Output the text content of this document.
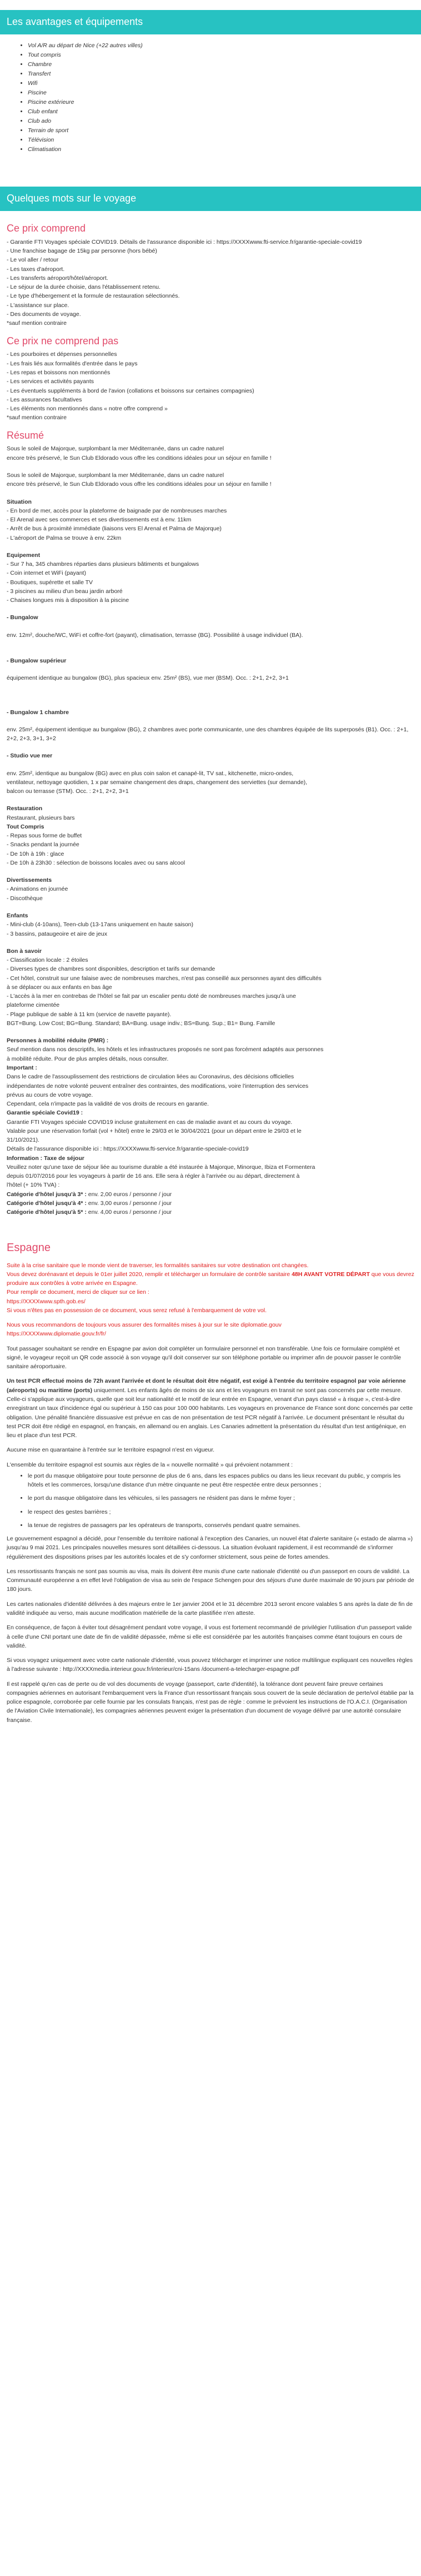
Les avantages et équipements
• Vol A/R au départ de Nice (+22 autres villes)
• Tout compris
• Chambre
• Transfert
• Wifi
• Piscine
• Piscine extérieure
• Club enfant
• Club ado
• Terrain de sport
• Télévision
• Climatisation
Quelques mots sur le voyage
Ce prix comprend
- Garantie FTI Voyages spéciale COVID19. Détails de l'assurance disponible ici : https://XXXXwww.fti-service.fr/garantie-speciale-covid19
- Une franchise bagage de 15kg par personne (hors bébé)
- Le vol aller / retour
- Les taxes d'aéroport.
- Les transferts aéroport/hôtel/aéroport.
- Le séjour de la durée choisie, dans l'établissement retenu.
- Le type d'hébergement et la formule de restauration sélectionnés.
- L'assistance sur place.
- Des documents de voyage.
*sauf mention contraire
Ce prix ne comprend pas
- Les pourboires et dépenses personnelles
- Les frais liés aux formalités d'entrée dans le pays
- Les repas et boissons non mentionnés
- Les services et activités payants
- Les éventuels suppléments à bord de l'avion (collations et boissons sur certaines compagnies)
- Les assurances facultatives
- Les éléments non mentionnés dans « notre offre comprend »
*sauf mention contraire
Résumé
Sous le soleil de Majorque, surplombant la mer Méditerranée, dans un cadre naturel
encore très préservé, le Sun Club Eldorado vous offre les conditions idéales pour un séjour en famille !
Sous le soleil de Majorque, surplombant la mer Méditerranée, dans un cadre naturel
encore très préservé, le Sun Club Eldorado vous offre les conditions idéales pour un séjour en famille !
Situation
- En bord de mer, accès pour la plateforme de baignade par de nombreuses marches
- El Arenal avec ses commerces et ses divertissements est à env. 11km
- Arrêt de bus à proximité immédiate (liaisons vers El Arenal et Palma de Majorque)
- L'aéroport de Palma se trouve à env. 22km
Equipement
- Sur 7 ha, 345 chambres réparties dans plusieurs bâtiments et bungalows
- Coin internet et WiFi (payant)
- Boutiques, supérette et salle TV
- 3 piscines au milieu d'un beau jardin arboré
- Chaises longues mis à disposition à la piscine
- Bungalow
env. 12m², douche/WC, WiFi et coffre-fort (payant), climatisation, terrasse (BG). Possibilité à usage individuel (BA).
- Bungalow supérieur
équipement identique au bungalow (BG), plus spacieux env. 25m² (BS), vue mer (BSM). Occ. : 2+1, 2+2, 3+1
- Bungalow 1 chambre
env. 25m², équipement identique au bungalow (BG), 2 chambres avec porte communicante, une des chambres équipée de lits superposés (B1). Occ. : 2+1, 2+2, 2+3, 3+1, 3+2
- Studio vue mer
env. 25m², identique au bungalow (BG) avec en plus coin salon et canapé-lit, TV sat., kitchenette, micro-ondes,
ventilateur, nettoyage quotidien, 1 x par semaine changement des draps, changement des serviettes (sur demande),
balcon ou terrasse (STM). Occ. : 2+1, 2+2, 3+1
Restauration
Restaurant, plusieurs bars
Tout Compris
- Repas sous forme de buffet
- Snacks pendant la journée
- De 10h à 19h : glace
- De 10h à 23h30 : sélection de boissons locales avec ou sans alcool
Divertissements
- Animations en journée
- Discothèque
Enfants
- Mini-club (4-10ans), Teen-club (13-17ans uniquement en haute saison)
- 3 bassins, pataugeoire et aire de jeux
Bon à savoir
- Classification locale : 2 étoiles
- Diverses types de chambres sont disponibles, description et tarifs sur demande
- Cet hôtel, construit sur une falaise avec de nombreuses marches, n'est pas conseillé aux personnes ayant des difficultés
à se déplacer ou aux enfants en bas âge
- L'accès à la mer en contrebas de l'hôtel se fait par un escalier pentu doté de nombreuses marches jusqu'à une
plateforme cimentée
- Plage publique de sable à 11 km (service de navette payante).
BGT=Bung. Low Cost; BG=Bung. Standard; BA=Bung. usage indiv.; BS=Bung. Sup.; B1= Bung. Famille
Personnes à mobilité réduite (PMR) :
Seuf mention dans nos descriptifs, les hôtels et les infrastructures proposés ne sont pas forcément adaptés aux personnes
à mobilité réduite. Pour de plus amples détails, nous consulter.
Important :
Dans le cadre de l'assouplissement des restrictions de circulation liées au Coronavirus, des décisions officielles
indépendantes de notre volonté peuvent entraîner des contraintes, des modifications, voire l'interruption des services
prévus au cours de votre voyage.
Cependant, cela n'impacte pas la validité de vos droits de recours en garantie.
Garantie spéciale Covid19 :
Garantie FTI Voyages spéciale COVID19 incluse gratuitement en cas de maladie avant et au cours du voyage.
Valable pour une réservation forfait (vol + hôtel) entre le 29/03 et le 30/04/2021 (pour un départ entre le 29/03 et le
31/10/2021).
Détails de l'assurance disponible ici : https://XXXXwww.fti-service.fr/garantie-speciale-covid19
Information : Taxe de séjour
Veuillez noter qu'une taxe de séjour liée au tourisme durable a été instaurée à Majorque, Minorque, Ibiza et Formentera
depuis 01/07/2016 pour les voyageurs à partir de 16 ans. Elle sera à régler à l'arrivée ou au départ, directement à
l'hôtel (+ 10% TVA) :
Catégorie d'hôtel jusqu'à 3* : env. 2,00 euros / personne / jour
Catégorie d'hôtel jusqu'à 4* : env. 3,00 euros / personne / jour
Catégorie d'hôtel jusqu'à 5* : env. 4,00 euros / personne / jour
Espagne
Suite à la crise sanitaire que le monde vient de traverser, les formalités sanitaires sur votre destination ont changées.
Vous devez dorénavant et depuis le 01er juillet 2020, remplir et télécharger un formulaire de contrôle sanitaire 48H AVANT VOTRE DÉPART que vous devrez produire aux contrôles à votre arrivée en Espagne.
Pour remplir ce document, merci de cliquer sur ce lien :
https://XXXXwww.spth.gob.es/
Si vous n'êtes pas en possession de ce document, vous serez refusé à l'embarquement de votre vol.
Nous vous recommandons de toujours vous assurer des formalités mises à jour sur le site diplomatie.gouv
https://XXXXwww.diplomatie.gouv.fr/fr/
Tout passager souhaitant se rendre en Espagne par avion doit compléter un formulaire personnel et non transférable. Une fois ce formulaire complété et signé, le voyageur reçoit un QR code associé à son voyage qu'il doit conserver sur son téléphone portable ou imprimer afin de pouvoir passer le contrôle sanitaire aéroportuaire.
Un test PCR effectué moins de 72h avant l'arrivée et dont le résultat doit être négatif, est exigé à l'entrée du territoire espagnol par voie aérienne (aéroports) ou maritime (ports) uniquement. Les enfants âgés de moins de six ans et les voyageurs en transit ne sont pas concernés par cette mesure. Celle-ci s'applique aux voyageurs, quelle que soit leur nationalité et le motif de leur entrée en Espagne, venant d'un pays classé « à risque », c'est-à-dire enregistrant un taux d'incidence égal ou supérieur à 150 cas pour 100 000 habitants. Les voyageurs en provenance de France sont donc concernés par cette obligation. Une pénalité financière dissuasive est prévue en cas de non présentation de test PCR négatif à l'arrivée. Le document présentant le résultat du test PCR doit être rédigé en espagnol, en français, en allemand ou en anglais. Les Canaries admettent la présentation du résultat d'un test antigénique, en lieu et place d'un test PCR.
Aucune mise en quarantaine à l'entrée sur le territoire espagnol n'est en vigueur.
L'ensemble du territoire espagnol est soumis aux règles de la « nouvelle normalité » qui prévoient notamment :
• le port du masque obligatoire pour toute personne de plus de 6 ans, dans les espaces publics ou dans les lieux recevant du public, y compris les hôtels et les commerces, lorsqu'une distance d'un mètre cinquante ne peut être respectée entre deux personnes ;
• le port du masque obligatoire dans les véhicules, si les passagers ne résident pas dans le même foyer ;
• le respect des gestes barrières ;
• la tenue de registres de passagers par les opérateurs de transports, conservés pendant quatre semaines.
Le gouvernement espagnol a décidé, pour l'ensemble du territoire national à l'exception des Canaries, un nouvel état d'alerte sanitaire (« estado de alarma ») jusqu'au 9 mai 2021. Les principales nouvelles mesures sont détaillées ci-dessous. La situation évoluant rapidement, il est recommandé de s'informer régulièrement des dispositions prises par les autorités locales et de s'y conformer strictement, sous peine de fortes amendes.
Les ressortissants français ne sont pas soumis au visa, mais ils doivent être munis d'une carte nationale d'identité ou d'un passeport en cours de validité. La Communauté européenne a en effet levé l'obligation de visa au sein de l'espace Schengen pour des séjours d'une durée maximale de 90 jours par période de 180 jours.
Les cartes nationales d'identité délivrées à des majeurs entre le 1er janvier 2004 et le 31 décembre 2013 seront encore valables 5 ans après la date de fin de validité indiquée au verso, mais aucune modification matérielle de la carte plastifiée n'en atteste.
En conséquence, de façon à éviter tout désagrément pendant votre voyage, il vous est fortement recommandé de privilégier l'utilisation d'un passeport valide à celle d'une CNI portant une date de fin de validité dépassée, même si elle est considérée par les autorités françaises comme étant toujours en cours de validité.
Si vous voyagez uniquement avec votre carte nationale d'identité, vous pouvez télécharger et imprimer une notice multilingue expliquant ces nouvelles règles à l'adresse suivante : http://XXXXmedia.interieur.gouv.fr/interieur/cni-15ans /document-a-telecharger-espagne.pdf
Il est rappelé qu'en cas de perte ou de vol des documents de voyage (passeport, carte d'identité), la tolérance dont peuvent faire preuve certaines compagnies aériennes en autorisant l'embarquement vers la France d'un ressortissant français sous couvert de la seule déclaration de perte/vol établie par la police espagnole, corroborée par celle fournie par les consulats français, n'est pas de règle : comme le prévoient les instructions de l'O.A.C.I. (Organisation de l'Aviation Civile Internationale), les compagnies aériennes peuvent exiger la présentation d'un document de voyage délivré par une autorité consulaire française.
